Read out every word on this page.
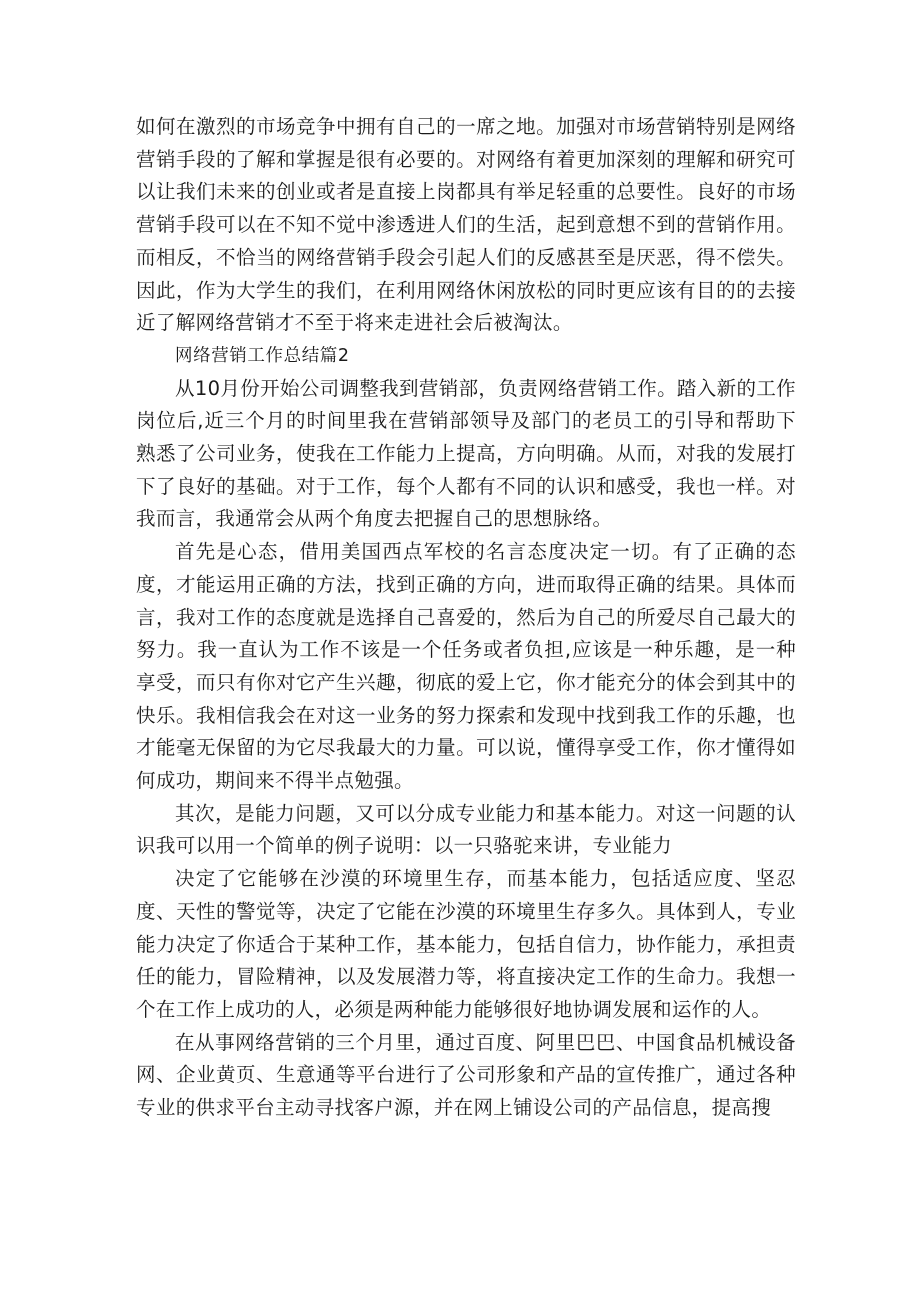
如何在激烈的市场竞争中拥有自己的一席之地。加强对市场营销特别是网络营销手段的了解和掌握是很有必要的。对网络有着更加深刻的理解和研究可以让我们未来的创业或者是直接上岗都具有举足轻重的总要性。良好的市场营销手段可以在不知不觉中渗透进人们的生活，起到意想不到的营销作用。而相反，不恰当的网络营销手段会引起人们的反感甚至是厌恶，得不偿失。因此，作为大学生的我们，在利用网络休闲放松的同时更应该有目的的去接近了解网络营销才不至于将来走进社会后被淘汰。

网络营销工作总结篇2

从10月份开始公司调整我到营销部，负责网络营销工作。踏入新的工作岗位后,近三个月的时间里我在营销部领导及部门的老员工的引导和帮助下熟悉了公司业务，使我在工作能力上提高，方向明确。从而，对我的发展打下了良好的基础。对于工作，每个人都有不同的认识和感受，我也一样。对我而言，我通常会从两个角度去把握自己的思想脉络。

首先是心态，借用美国西点军校的名言态度决定一切。有了正确的态度，才能运用正确的方法，找到正确的方向，进而取得正确的结果。具体而言，我对工作的态度就是选择自己喜爱的，然后为自己的所爱尽自己最大的努力。我一直认为工作不该是一个任务或者负担,应该是一种乐趣，是一种享受，而只有你对它产生兴趣，彻底的爱上它，你才能充分的体会到其中的快乐。我相信我会在对这一业务的努力探索和发现中找到我工作的乐趣，也才能毫无保留的为它尽我最大的力量。可以说，懂得享受工作，你才懂得如何成功，期间来不得半点勉强。

其次，是能力问题，又可以分成专业能力和基本能力。对这一问题的认识我可以用一个简单的例子说明：以一只骆驼来讲，专业能力

决定了它能够在沙漠的环境里生存，而基本能力，包括适应度、坚忍度、天性的警觉等，决定了它能在沙漠的环境里生存多久。具体到人，专业能力决定了你适合于某种工作，基本能力，包括自信力，协作能力，承担责任的能力，冒险精神，以及发展潜力等，将直接决定工作的生命力。我想一个在工作上成功的人，必须是两种能力能够很好地协调发展和运作的人。

在从事网络营销的三个月里，通过百度、阿里巴巴、中国食品机械设备网、企业黄页、生意通等平台进行了公司形象和产品的宣传推广，通过各种专业的供求平台主动寻找客户源，并在网上铺设公司的产品信息，提高搜
